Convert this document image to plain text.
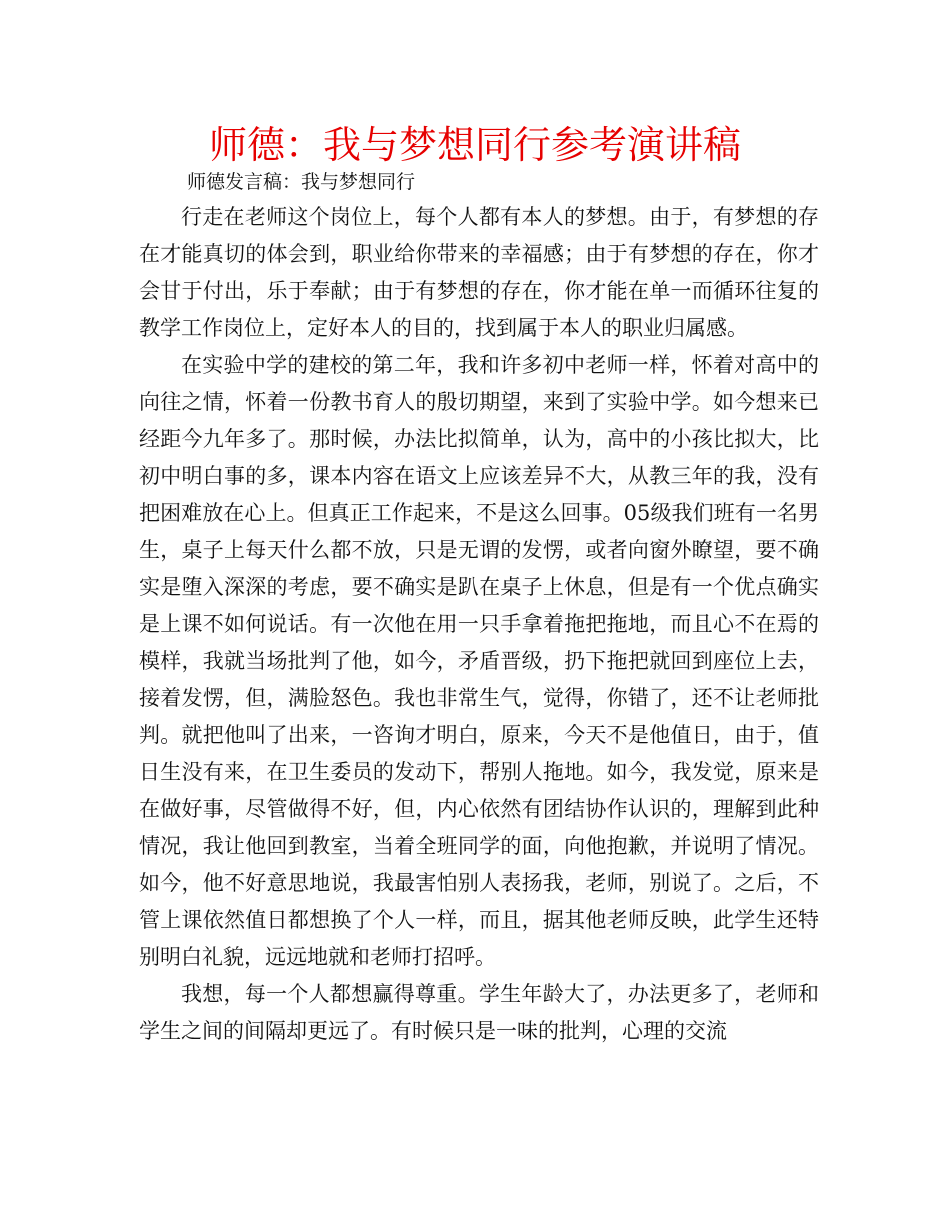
师德：我与梦想同行参考演讲稿
师德发言稿：我与梦想同行

行走在老师这个岗位上，每个人都有本人的梦想。由于，有梦想的存在才能真切的体会到，职业给你带来的幸福感；由于有梦想的存在，你才会甘于付出，乐于奉献；由于有梦想的存在，你才能在单一而循环往复的教学工作岗位上，定好本人的目的，找到属于本人的职业归属感。

在实验中学的建校的第二年，我和许多初中老师一样，怀着对高中的向往之情，怀着一份教书育人的殷切期望，来到了实验中学。如今想来已经距今九年多了。那时候，办法比拟简单，认为，高中的小孩比拟大，比初中明白事的多，课本内容在语文上应该差异不大，从教三年的我，没有把困难放在心上。但真正工作起来，不是这么回事。05级我们班有一名男生，桌子上每天什么都不放，只是无谓的发愣，或者向窗外瞭望，要不确实是堕入深深的考虑，要不确实是趴在桌子上休息，但是有一个优点确实是上课不如何说话。有一次他在用一只手拿着拖把拖地，而且心不在焉的模样，我就当场批判了他，如今，矛盾晋级，扔下拖把就回到座位上去，接着发愣，但，满脸怒色。我也非常生气，觉得，你错了，还不让老师批判。就把他叫了出来，一咨询才明白，原来，今天不是他值日，由于，值日生没有来，在卫生委员的发动下，帮别人拖地。如今，我发觉，原来是在做好事，尽管做得不好，但，内心依然有团结协作认识的，理解到此种情况，我让他回到教室，当着全班同学的面，向他抱歉，并说明了情况。如今，他不好意思地说，我最害怕别人表扬我，老师，别说了。之后，不管上课依然值日都想换了个人一样，而且，据其他老师反映，此学生还特别明白礼貌，远远地就和老师打招呼。

我想，每一个人都想赢得尊重。学生年龄大了，办法更多了，老师和学生之间的间隔却更远了。有时候只是一味的批判，心理的交流
